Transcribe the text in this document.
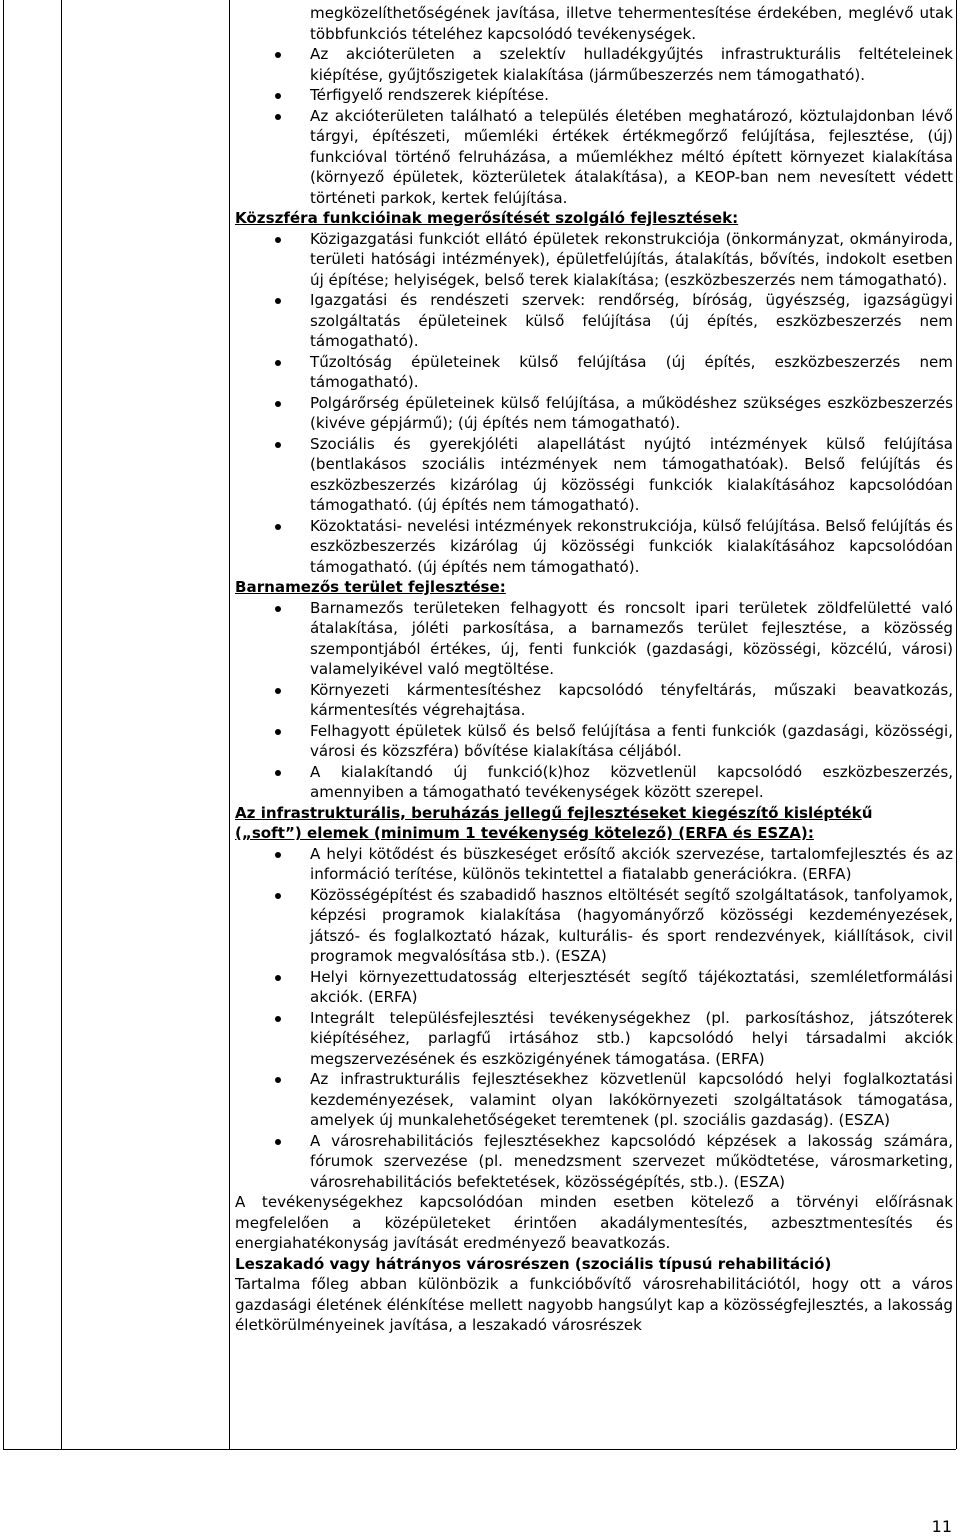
megközelíthetőségének javítása, illetve tehermentesítése érdekében, meglévő utak többfunkciós tételéhez kapcsolódó tevékenységek.
Az akcióterületen a szelektív hulladékgyűjtés infrastrukturális feltételeinek kiépítése, gyűjtőszigetek kialakítása (járműbeszerzés nem támogatható).
Térfigyelő rendszerek kiépítése.
Az akcióterületen található a település életében meghatározó, köztulajdonban lévő tárgyi, építészeti, műemléki értékek értékmegőrző felújítása, fejlesztése, (új) funkcióval történő felruházása, a műemlékhez méltó épített környezet kialakítása (környező épületek, közterületek átalakítása), a KEOP-ban nem nevesített védett történeti parkok, kertek felújítása.
Közszféra funkcióinak megerősítését szolgáló fejlesztések:
Közigazgatási funkciót ellátó épületek rekonstrukciója (önkormányzat, okmányiroda, területi hatósági intézmények), épületfelújítás, átalakítás, bővítés, indokolt esetben új építése; helyiségek, belső terek kialakítása; (eszközbeszerzés nem támogatható).
Igazgatási és rendészeti szervek: rendőrség, bíróság, ügyészség, igazságügyi szolgáltatás épületeinek külső felújítása (új építés, eszközbeszerzés nem támogatható).
Tűzoltóság épületeinek külső felújítása (új építés, eszközbeszerzés nem támogatható).
Polgárőrség épületeinek külső felújítása, a működéshez szükséges eszközbeszerzés (kivéve gépjármű); (új építés nem támogatható).
Szociális és gyerekjóléti alapellátást nyújtó intézmények külső felújítása (bentlakásos szociális intézmények nem támogathatóak). Belső felújítás és eszközbeszerzés kizárólag új közösségi funkciók kialakításához kapcsolódóan támogatható. (új építés nem támogatható).
Közoktatási- nevelési intézmények rekonstrukciója, külső felújítása. Belső felújítás és eszközbeszerzés kizárólag új közösségi funkciók kialakításához kapcsolódóan támogatható. (új építés nem támogatható).
Barnamezős terület fejlesztése:
Barnamezős területeken felhagyott és roncsolt ipari területek zöldfelületté való átalakítása, jóléti parkosítása, a barnamezős terület fejlesztése, a közösség szempontjából értékes, új, fenti funkciók (gazdasági, közösségi, közcélú, városi) valamelyikével való megtöltése.
Környezeti kármentesítéshez kapcsolódó tényfeltárás, műszaki beavatkozás, kármentesítés végrehajtása.
Felhagyott épületek külső és belső felújítása a fenti funkciók (gazdasági, közösségi, városi és közszféra) bővítése kialakítása céljából.
A kialakítandó új funkció(k)hoz közvetlenül kapcsolódó eszközbeszerzés, amennyiben a támogatható tevékenységek között szerepel.
Az infrastrukturális, beruházás jellegű fejlesztéseket kiegészítő kisléptékű
(„soft”) elemek (minimum 1 tevékenység kötelező) (ERFA és ESZA):
A helyi kötődést és büszkeséget erősítő akciók szervezése, tartalomfejlesztés és az információ terítése, különös tekintettel a fiatalabb generációkra. (ERFA)
Közösségépítést és szabadidő hasznos eltöltését segítő szolgáltatások, tanfolyamok, képzési programok kialakítása (hagyományőrző közösségi kezdeményezések, játszó- és foglalkoztató házak, kulturális- és sport rendezvények, kiállítások, civil programok megvalósítása stb.). (ESZA)
Helyi környezettudatosság elterjesztését segítő tájékoztatási, szemléletformálási akciók. (ERFA)
Integrált településfejlesztési tevékenységekhez (pl. parkosításhoz, játszóterek kiépítéséhez, parlagfű irtásához stb.) kapcsolódó helyi társadalmi akciók megszervezésének és eszközigényének támogatása. (ERFA)
Az infrastrukturális fejlesztésekhez közvetlenül kapcsolódó helyi foglalkoztatási kezdeményezések, valamint olyan lakókörnyezeti szolgáltatások támogatása, amelyek új munkalehetőségeket teremtenek (pl. szociális gazdaság). (ESZA)
A városrehabilitációs fejlesztésekhez kapcsolódó képzések a lakosság számára, fórumok szervezése (pl. menedzsment szervezet működtetése, városmarketing, városrehabilitációs befektetések, közösségépítés, stb.). (ESZA)
A tevékenységekhez kapcsolódóan minden esetben kötelező a törvényi előírásnak megfelelően a középületeket érintően akadálymentesítés, azbesztmentesítés és energiahatékonyság javítását eredményező beavatkozás.
Leszakadó vagy hátrányos városrészen (szociális típusú rehabilitáció)
Tartalma főleg abban különbözik a funkcióbővítő városrehabilitációtól, hogy ott a város gazdasági életének élénkítése mellett nagyobb hangsúlyt kap a közösségfejlesztés, a lakosság életkörülményeinek javítása, a leszakadó városrészek
11
